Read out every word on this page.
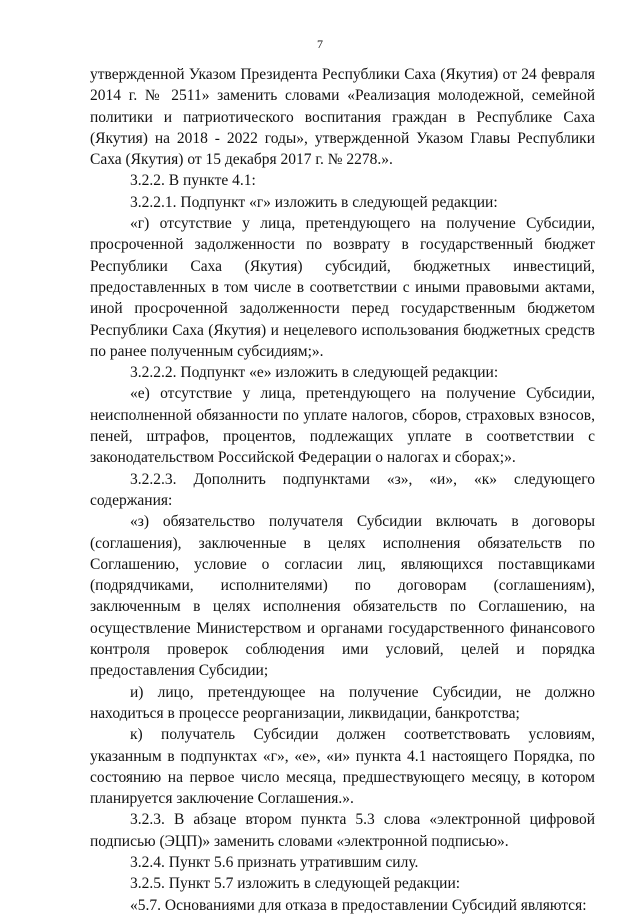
7

утвержденной Указом Президента Республики Саха (Якутия) от 24 февраля 2014 г. № 2511» заменить словами «Реализация молодежной, семейной политики и патриотического воспитания граждан в Республике Саха (Якутия) на 2018 - 2022 годы», утвержденной Указом Главы Республики Саха (Якутия) от 15 декабря 2017 г. № 2278.».

3.2.2. В пункте 4.1:

3.2.2.1. Подпункт «г» изложить в следующей редакции:

«г) отсутствие у лица, претендующего на получение Субсидии, просроченной задолженности по возврату в государственный бюджет Республики Саха (Якутия) субсидий, бюджетных инвестиций, предоставленных в том числе в соответствии с иными правовыми актами, иной просроченной задолженности перед государственным бюджетом Республики Саха (Якутия) и нецелевого использования бюджетных средств по ранее полученным субсидиям;».

3.2.2.2. Подпункт «е» изложить в следующей редакции:

«е) отсутствие у лица, претендующего на получение Субсидии, неисполненной обязанности по уплате налогов, сборов, страховых взносов, пеней, штрафов, процентов, подлежащих уплате в соответствии с законодательством Российской Федерации о налогах и сборах;».

3.2.2.3. Дополнить подпунктами «з», «и», «к» следующего содержания:

«з) обязательство получателя Субсидии включать в договоры (соглашения), заключенные в целях исполнения обязательств по Соглашению, условие о согласии лиц, являющихся поставщиками (подрядчиками, исполнителями) по договорам (соглашениям), заключенным в целях исполнения обязательств по Соглашению, на осуществление Министерством и органами государственного финансового контроля проверок соблюдения ими условий, целей и порядка предоставления Субсидии;

и) лицо, претендующее на получение Субсидии, не должно находиться в процессе реорганизации, ликвидации, банкротства;

к) получатель Субсидии должен соответствовать условиям, указанным в подпунктах «г», «е», «и» пункта 4.1 настоящего Порядка, по состоянию на первое число месяца, предшествующего месяцу, в котором планируется заключение Соглашения.».

3.2.3. В абзаце втором пункта 5.3 слова «электронной цифровой подписью (ЭЦП)» заменить словами «электронной подписью».

3.2.4. Пункт 5.6 признать утратившим силу.

3.2.5. Пункт 5.7 изложить в следующей редакции:

«5.7. Основаниями для отказа в предоставлении Субсидий являются:
